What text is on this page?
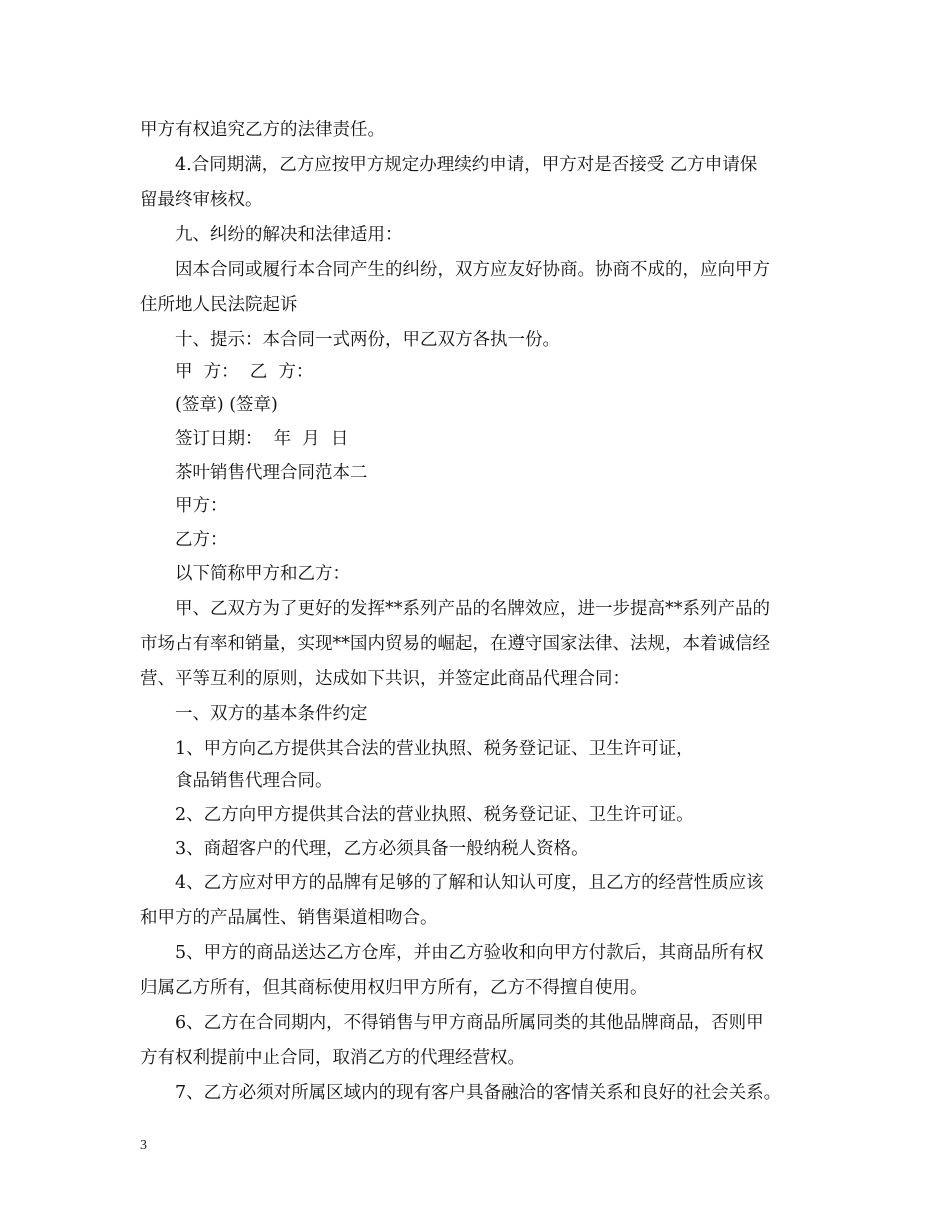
甲方有权追究乙方的法律责任。
4.合同期满，乙方应按甲方规定办理续约申请，甲方对是否接受 乙方申请保
留最终审核权。
九、纠纷的解决和法律适用：
因本合同或履行本合同产生的纠纷，双方应友好协商。协商不成的，应向甲方
住所地人民法院起诉
十、提示：本合同一式两份，甲乙双方各执一份。
甲  方：  乙  方：
(签章) (签章)
签订日期：  年  月  日
茶叶销售代理合同范本二
甲方：
乙方：
以下简称甲方和乙方：
甲、乙双方为了更好的发挥**系列产品的名牌效应，进一步提高**系列产品的
市场占有率和销量，实现**国内贸易的崛起，在遵守国家法律、法规，本着诚信经
营、平等互利的原则，达成如下共识，并签定此商品代理合同：
一、双方的基本条件约定
1、甲方向乙方提供其合法的营业执照、税务登记证、卫生许可证，
食品销售代理合同。
2、乙方向甲方提供其合法的营业执照、税务登记证、卫生许可证。
3、商超客户的代理，乙方必须具备一般纳税人资格。
4、乙方应对甲方的品牌有足够的了解和认知认可度，且乙方的经营性质应该
和甲方的产品属性、销售渠道相吻合。
5、甲方的商品送达乙方仓库，并由乙方验收和向甲方付款后，其商品所有权
归属乙方所有，但其商标使用权归甲方所有，乙方不得擅自使用。
6、乙方在合同期内，不得销售与甲方商品所属同类的其他品牌商品，否则甲
方有权利提前中止合同，取消乙方的代理经营权。
7、乙方必须对所属区域内的现有客户具备融洽的客情关系和良好的社会关系。
3
